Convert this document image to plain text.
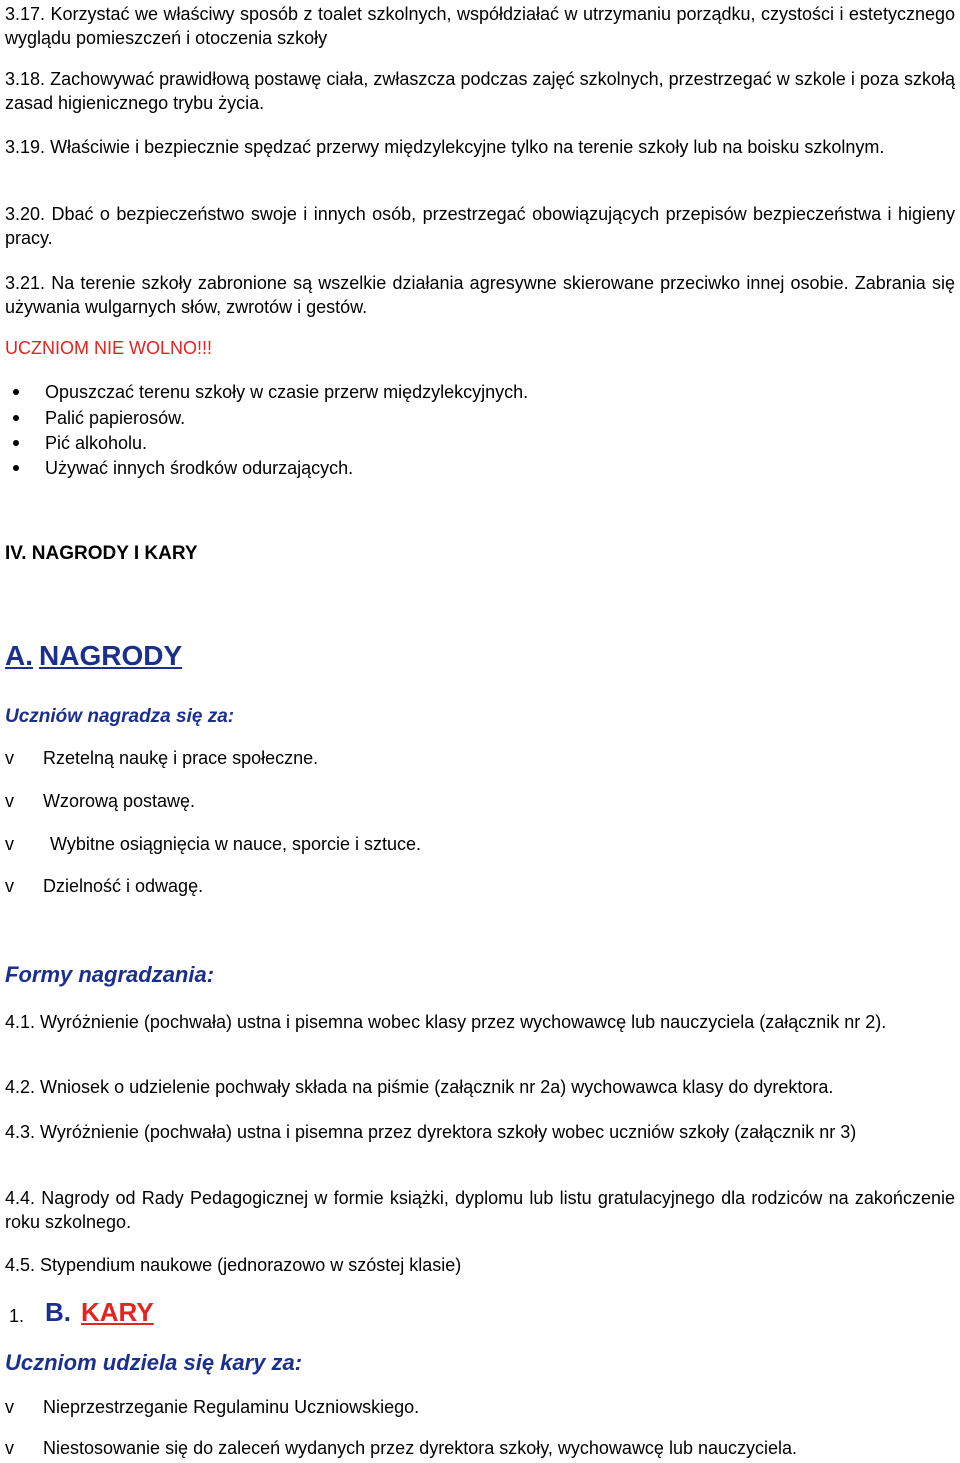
3.17. Korzystać we właściwy sposób z toalet szkolnych, współdziałać w utrzymaniu porządku, czystości i estetycznego wyglądu pomieszczeń i otoczenia szkoły
3.18. Zachowywać prawidłową postawę ciała, zwłaszcza podczas zajęć szkolnych, przestrzegać w szkole i poza szkołą zasad higienicznego trybu życia.
3.19. Właściwie i bezpiecznie spędzać przerwy międzylekcyjne tylko na terenie szkoły lub na boisku szkolnym.
3.20. Dbać o bezpieczeństwo swoje i innych osób, przestrzegać obowiązujących przepisów bezpieczeństwa i higieny pracy.
3.21. Na terenie szkoły zabronione są wszelkie działania agresywne skierowane przeciwko innej osobie. Zabrania się używania wulgarnych słów, zwrotów i gestów.
UCZNIOM NIE WOLNO!!!
Opuszczać terenu szkoły w czasie przerw międzylekcyjnych.
Palić papierosów.
Pić alkoholu.
Używać innych środków odurzających.
IV. NAGRODY I KARY
A. NAGRODY
Uczniów nagradza się za:
v	Rzetelną naukę i prace społeczne.
v	Wzorową postawę.
v	Wybitne osiągnięcia w nauce, sporcie i sztuce.
v	Dzielność i odwagę.
Formy nagradzania:
4.1. Wyróżnienie (pochwała) ustna i pisemna wobec klasy przez wychowawcę lub nauczyciela (załącznik nr 2).
4.2. Wniosek o udzielenie pochwały składa na piśmie (załącznik nr 2a) wychowawca klasy do dyrektora.
4.3. Wyróżnienie (pochwała) ustna i pisemna przez dyrektora szkoły wobec uczniów szkoły (załącznik nr 3)
4.4. Nagrody od Rady Pedagogicznej w formie książki, dyplomu lub listu gratulacyjnego dla rodziców na zakończenie roku szkolnego.
4.5. Stypendium naukowe (jednorazowo w szóstej klasie)
1. B. KARY
Uczniom udziela się kary za:
v	Nieprzestrzeganie Regulaminu Uczniowskiego.
v	Niestosowanie się do zaleceń wydanych przez dyrektora szkoły, wychowawcę lub nauczyciela.
